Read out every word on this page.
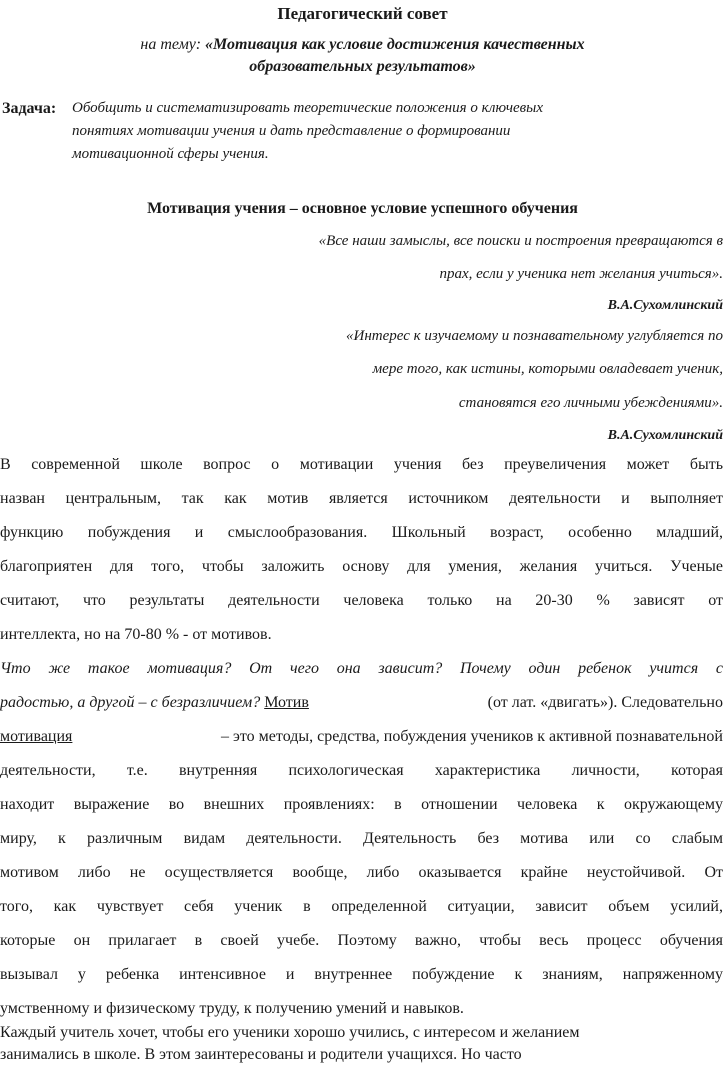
Педагогический совет
на тему: «Мотивация как условие достижения качественных
образовательных результатов»
Задача: Обобщить и систематизировать теоретические положения о ключевых
понятиях мотивации учения и дать представление о формировании
мотивационной сферы учения.
Мотивация учения – основное условие успешного обучения
«Все наши замыслы, все поиски и построения превращаются в
прах, если у ученика нет желания учиться».
В.А.Сухомлинский
«Интерес к изучаемому и познавательному углубляется по
мере того, как истины, которыми овладевает ученик,
становятся его личными убеждениями».
В.А.Сухомлинский
В современной школе вопрос о мотивации учения без преувеличения может быть
назван центральным, так как мотив является источником деятельности и выполняет
функцию побуждения и смыслообразования. Школьный возраст, особенно младший,
благоприятен для того, чтобы заложить основу для умения, желания учиться. Ученые
считают, что результаты деятельности человека только на 20-30 % зависят от
интеллекта, но на 70-80 % - от мотивов.
Что же такое мотивация? От чего она зависит? Почему один ребенок учится с
радостью, а другой – с безразличием? Мотив	(от лат. «двигать»). Следовательно
мотивация	– это методы, средства, побуждения учеников к активной познавательной
деятельности, т.е. внутренняя психологическая характеристика личности, которая
находит выражение во внешних проявлениях: в отношении человека к окружающему
миру, к различным видам деятельности. Деятельность без мотива или со слабым
мотивом либо не осуществляется вообще, либо оказывается крайне неустойчивой. От
того, как чувствует себя ученик в определенной ситуации, зависит объем усилий,
которые он прилагает в своей учебе. Поэтому важно, чтобы весь процесс обучения
вызывал у ребенка интенсивное и внутреннее побуждение к знаниям, напряженному
умственному и физическому труду, к получению умений и навыков.
Каждый учитель хочет, чтобы его ученики хорошо учились, с интересом и желанием
занимались в школе. В этом заинтересованы и родители учащихся. Но часто
